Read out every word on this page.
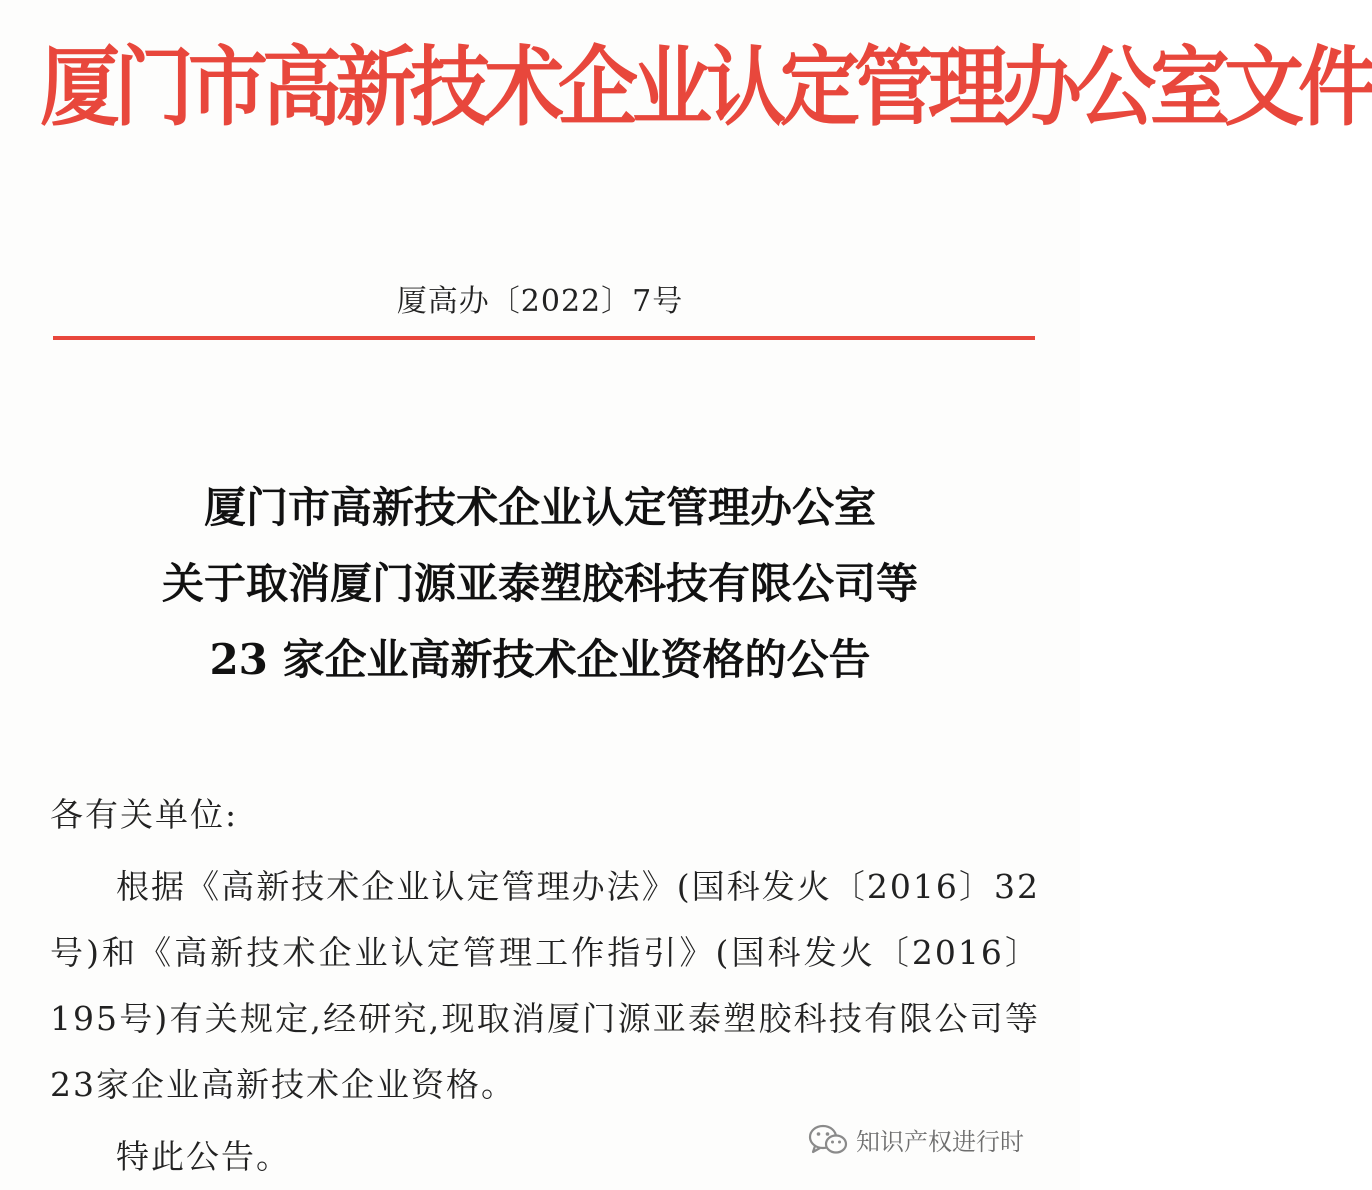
厦门市高新技术企业认定管理办公室文件
厦高办〔2022〕7号
厦门市高新技术企业认定管理办公室
关于取消厦门源亚泰塑胶科技有限公司等
23 家企业高新技术企业资格的公告

各有关单位:

根据《高新技术企业认定管理办法》(国科发火〔2016〕32号)和《高新技术企业认定管理工作指引》(国科发火〔2016〕195号)有关规定,经研究,现取消厦门源亚泰塑胶科技有限公司等23家企业高新技术企业资格。

特此公告。	知识产权进行时
